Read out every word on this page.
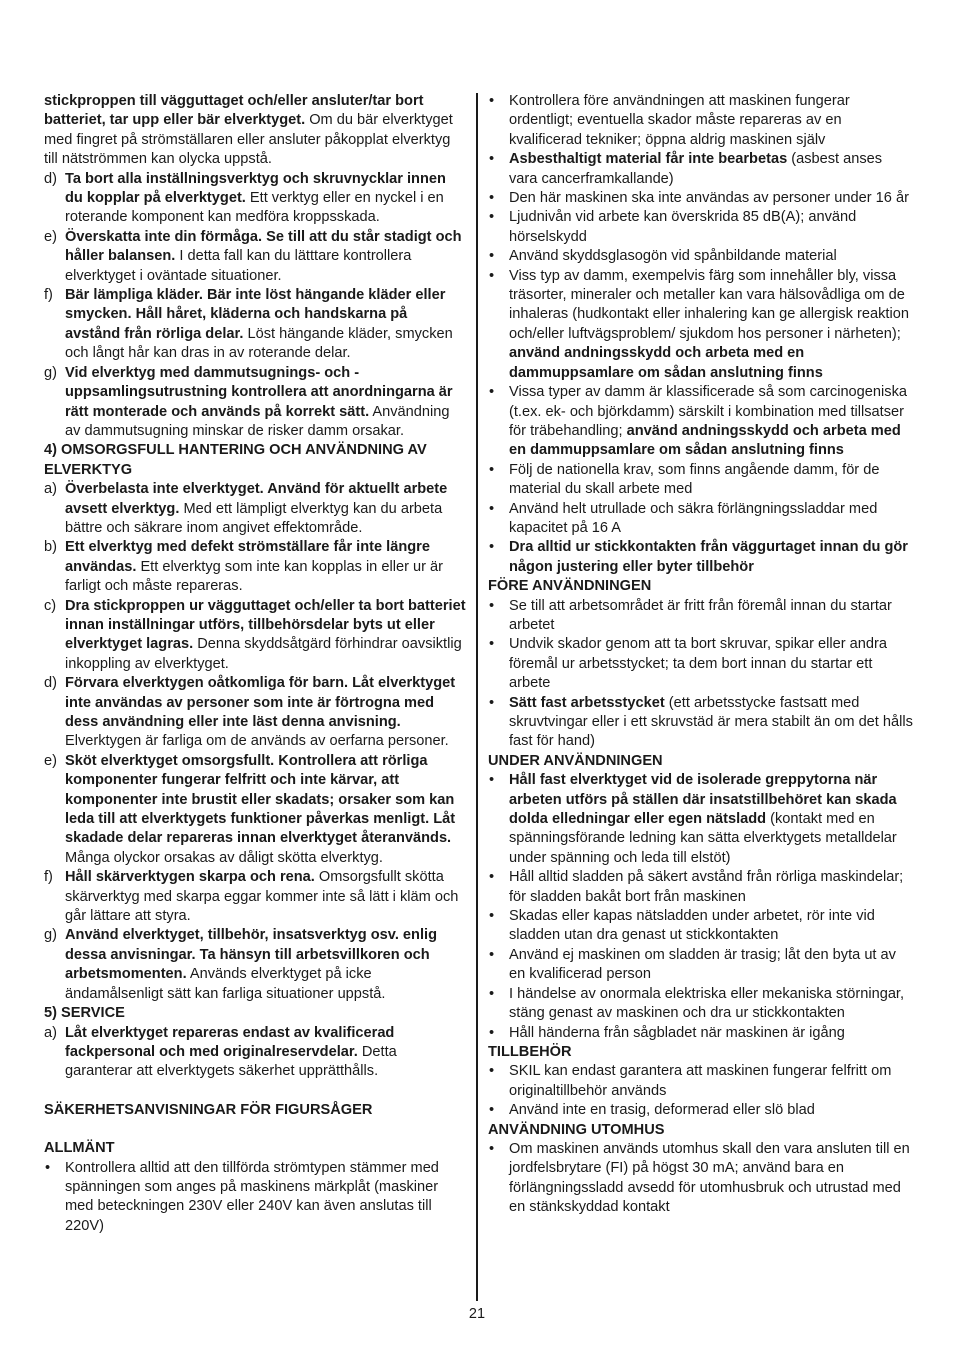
stickproppen till vägguttaget och/eller ansluter/tar bort batteriet, tar upp eller bär elverktyget. Om du bär elverktyget med fingret på strömställaren eller ansluter påkopplat elverktyg till nätströmmen kan olycka uppstå.
d) Ta bort alla inställningsverktyg och skruvnycklar innen du kopplar på elverktyget. Ett verktyg eller en nyckel i en roterande komponent kan medföra kroppsskada.
e) Överskatta inte din förmåga. Se till att du står stadigt och håller balansen. I detta fall kan du lätttare kontrollera elverktyget i oväntade situationer.
f) Bär lämpliga kläder. Bär inte löst hängande kläder eller smycken. Håll håret, kläderna och handskarna på avstånd från rörliga delar. Löst hängande kläder, smycken och långt hår kan dras in av roterande delar.
g) Vid elverktyg med dammutsugnings- och -uppsamlingsutrustning kontrollera att anordningarna är rätt monterade och används på korrekt sätt. Användning av dammutsugning minskar de risker damm orsakar.
4) OMSORGSFULL HANTERING OCH ANVÄNDNING AV ELVERKTYG
a) Överbelasta inte elverktyget. Använd för aktuellt arbete avsett elverktyg. Med ett lämpligt elverktyg kan du arbeta bättre och säkrare inom angivet effektområde.
b) Ett elverktyg med defekt strömställare får inte längre användas. Ett elverktyg som inte kan kopplas in eller ur är farligt och måste repareras.
c) Dra stickproppen ur vägguttaget och/eller ta bort batteriet innan inställningar utförs, tillbehörsdelar byts ut eller elverktyget lagras. Denna skyddsåtgärd förhindrar oavsiktlig inkoppling av elverktyget.
d) Förvara elverktygen oåtkomliga för barn. Låt elverktyget inte användas av personer som inte är förtrogna med dess användning eller inte läst denna anvisning. Elverktygen är farliga om de används av oerfarna personer.
e) Sköt elverktyget omsorgsfullt. Kontrollera att rörliga komponenter fungerar felfritt och inte kärvar, att komponenter inte brustit eller skadats; orsaker som kan leda till att elverktygets funktioner påverkas menligt. Låt skadade delar repareras innan elverktyget återanvänds. Många olyckor orsakas av dåligt skötta elverktyg.
f) Håll skärverktygen skarpa och rena. Omsorgsfullt skötta skärverktyg med skarpa eggar kommer inte så lätt i kläm och går lättare att styra.
g) Använd elverktyget, tillbehör, insatsverktyg osv. enlig dessa anvisningar. Ta hänsyn till arbetsvillkoren och arbetsmomenten. Används elverktyget på icke ändamålsenligt sätt kan farliga situationer uppstå.
5) SERVICE
a) Låt elverktyget repareras endast av kvalificerad fackpersonal och med originalreservdelar. Detta garanterar att elverktygets säkerhet upprätthålls.
SÄKERHETSANVISNINGAR FÖR FIGURSÅGER
ALLMÄNT
• Kontrollera alltid att den tillförda strömtypen stämmer med spänningen som anges på maskinens märkplåt (maskiner med beteckningen 230V eller 240V kan även anslutas till 220V)
• Kontrollera före användningen att maskinen fungerar ordentligt; eventuella skador måste repareras av en kvalificerad tekniker; öppna aldrig maskinen själv
• Asbesthaltigt material får inte bearbetas (asbest anses vara cancerframkallande)
• Den här maskinen ska inte användas av personer under 16 år
• Ljudnivån vid arbete kan överskrida 85 dB(A); använd hörselskydd
• Använd skyddsglasogön vid spånbildande material
• Viss typ av damm, exempelvis färg som innehåller bly, vissa träsorter, mineraler och metaller kan vara hälsovådliga om de inhaleras (hudkontakt eller inhalering kan ge allergisk reaktion och/eller luftvägsproblem/ sjukdom hos personer i närheten); använd andningsskydd och arbeta med en dammuppsamlare om sådan anslutning finns
• Vissa typer av damm är klassificerade så som carcinogeniska (t.ex. ek- och björkdamm) särskilt i kombination med tillsatser för träbehandling; använd andningsskydd och arbeta med en dammuppsamlare om sådan anslutning finns
• Följ de nationella krav, som finns angående damm, för de material du skall arbete med
• Använd helt utrullade och säkra förlängningssladdar med kapacitet på 16 A
• Dra alltid ur stickkontakten från väggurtaget innan du gör någon justering eller byter tillbehör
FÖRE ANVÄNDNINGEN
• Se till att arbetsområdet är fritt från föremål innan du startar arbetet
• Undvik skador genom att ta bort skruvar, spikar eller andra föremål ur arbetsstycket; ta dem bort innan du startar ett arbete
• Sätt fast arbetsstycket (ett arbetsstycke fastsatt med skruvtvingar eller i ett skruvstäd är mera stabilt än om det hålls fast för hand)
UNDER ANVÄNDNINGEN
• Håll fast elverktyget vid de isolerade greppytorna när arbeten utförs på ställen där insatstillbehöret kan skada dolda elledningar eller egen nätsladd (kontakt med en spänningsförande ledning kan sätta elverktygets metalldelar under spänning och leda till elstöt)
• Håll alltid sladden på säkert avstånd från rörliga maskindelar; för sladden bakåt bort från maskinen
• Skadas eller kapas nätsladden under arbetet, rör inte vid sladden utan dra genast ut stickkontakten
• Använd ej maskinen om sladden är trasig; låt den byta ut av en kvalificerad person
• I händelse av onormala elektriska eller mekaniska störningar, stäng genast av maskinen och dra ur stickkontakten
• Håll händerna från sågbladet när maskinen är igång
TILLBEHÖR
• SKIL kan endast garantera att maskinen fungerar felfritt om originaltillbehör används
• Använd inte en trasig, deformerad eller slö blad
ANVÄNDNING UTOMHUS
• Om maskinen används utomhus skall den vara ansluten till en jordfelsbrytare (FI) på högst 30 mA; använd bara en förlängningssladd avsedd för utomhusbruk och utrustad med en stänkskyddad kontakt
21
